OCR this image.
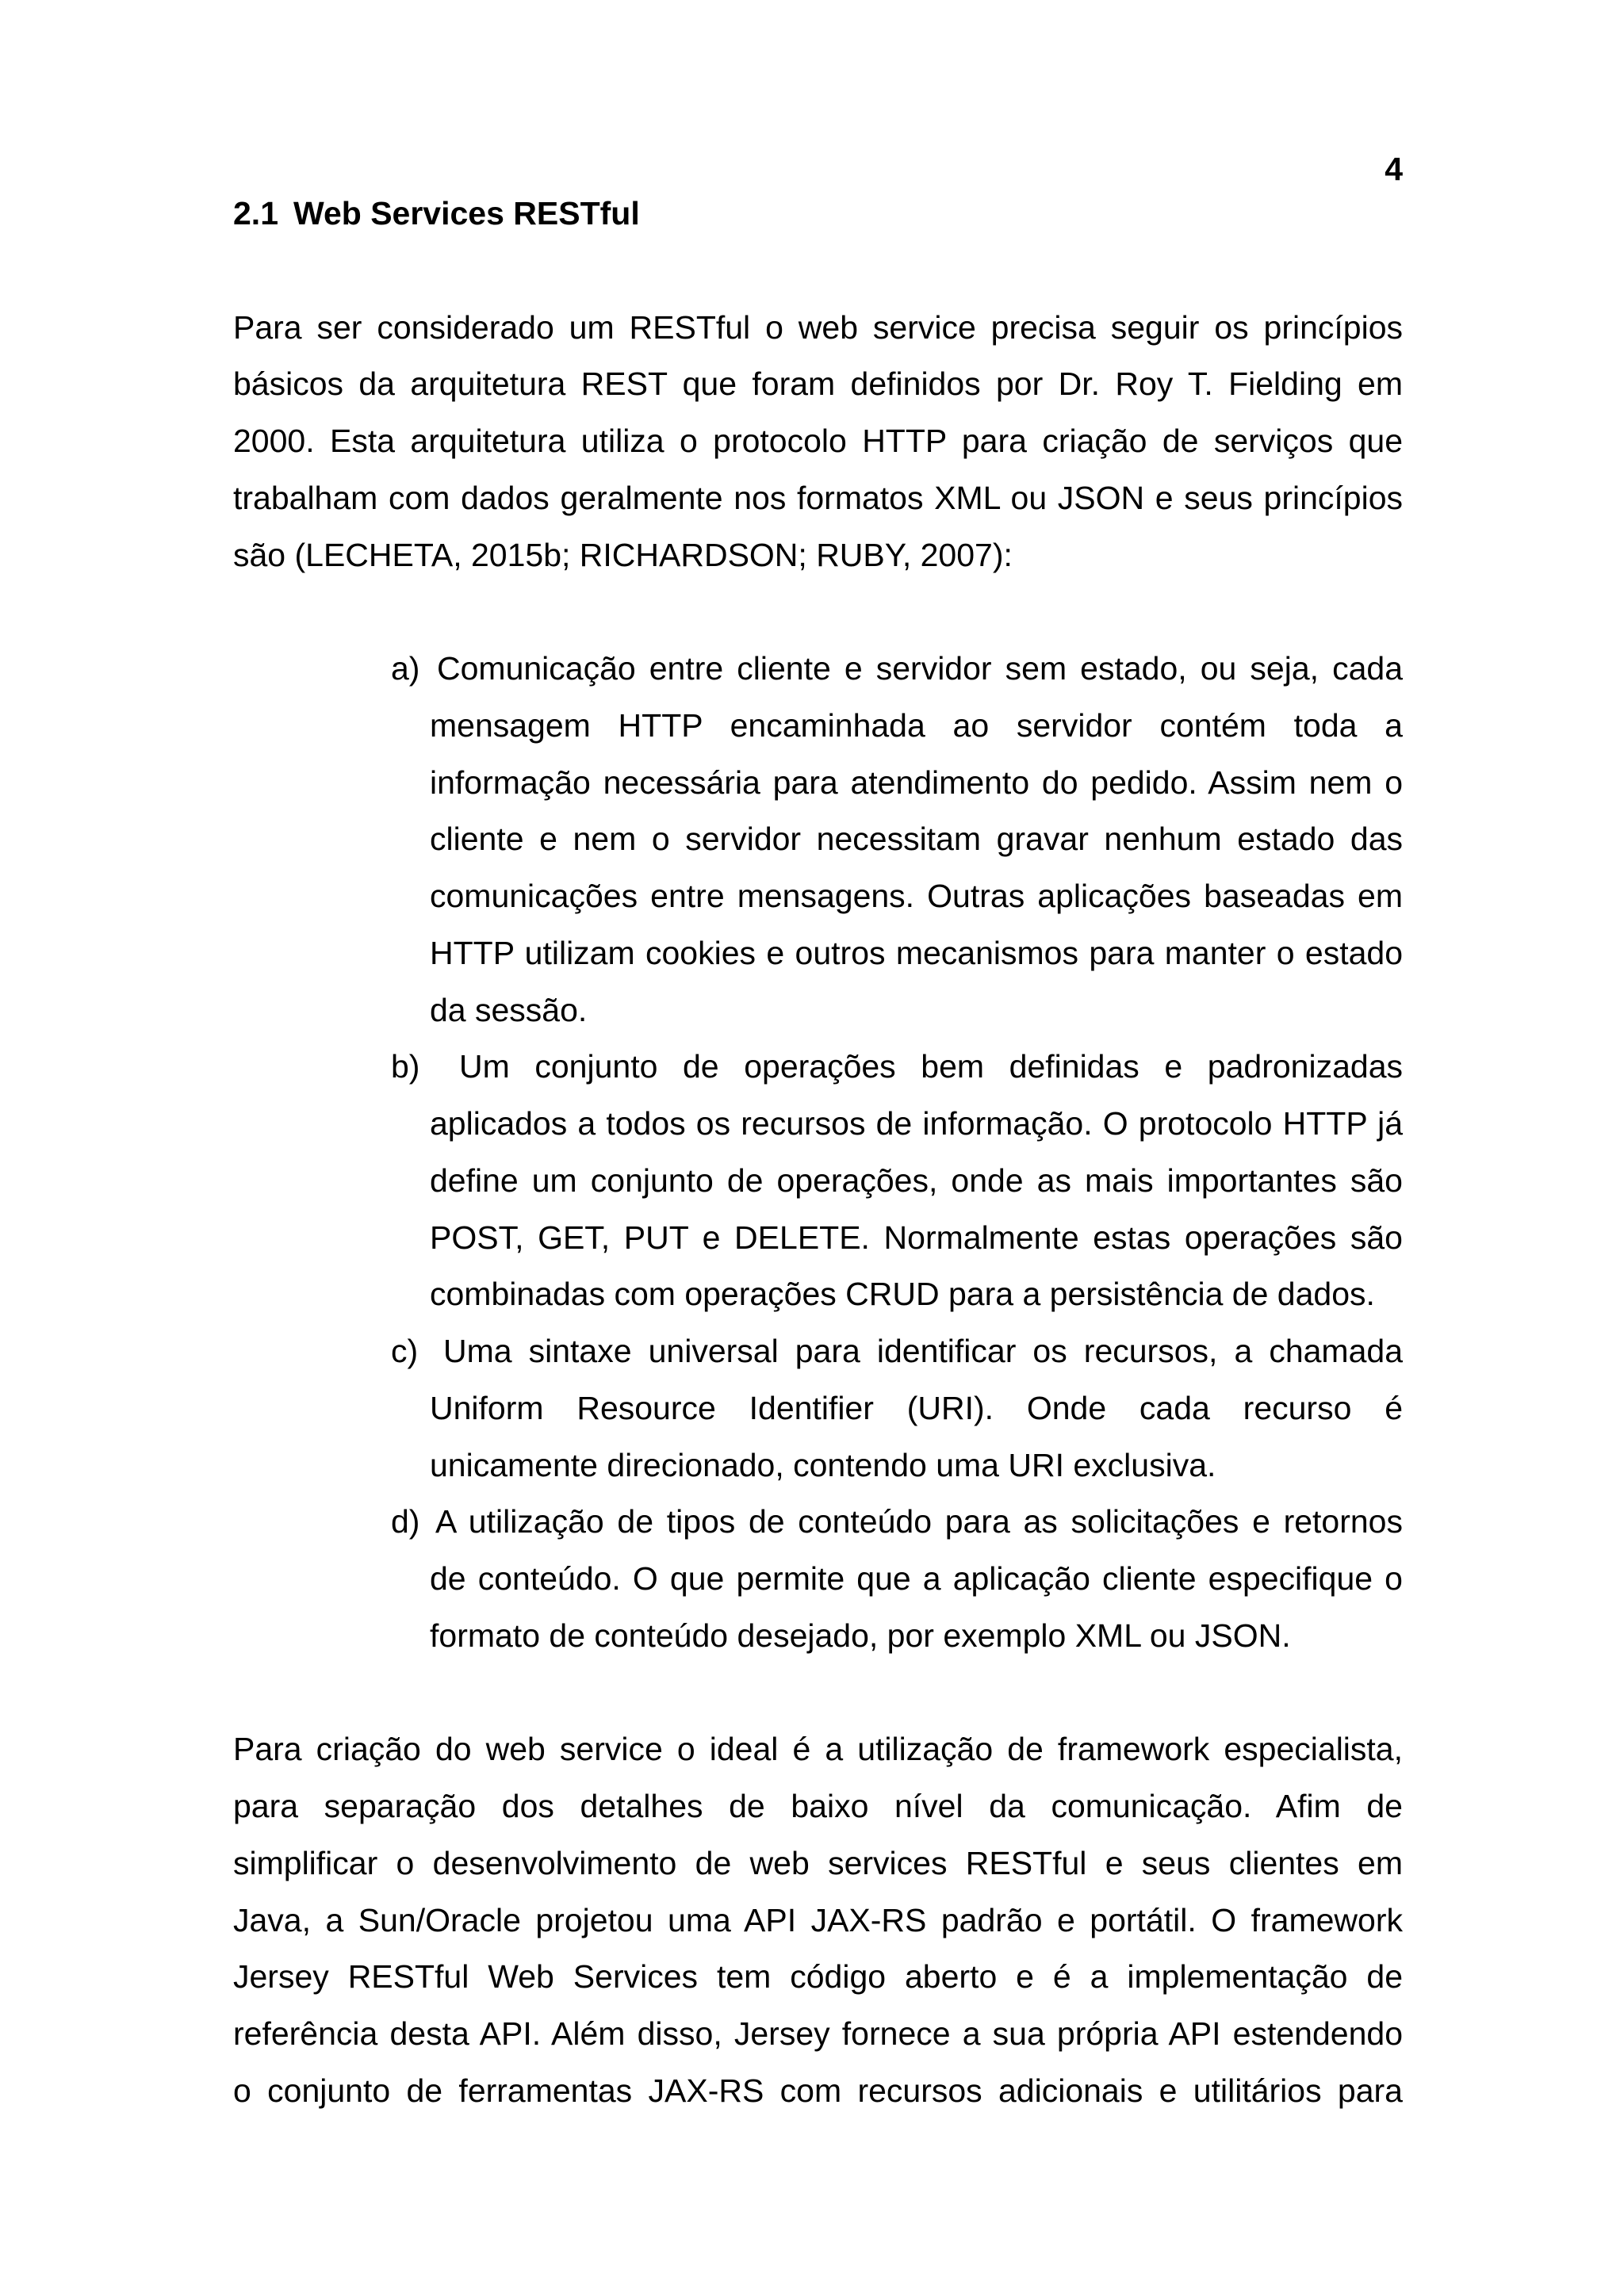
4
2.1 Web Services RESTful
Para ser considerado um RESTful o web service precisa seguir os princípios
básicos da arquitetura REST que foram definidos por Dr. Roy T. Fielding em
2000. Esta arquitetura utiliza o protocolo HTTP para criação de serviços que
trabalham com dados geralmente nos formatos XML ou JSON e seus princípios
são (LECHETA, 2015b; RICHARDSON; RUBY, 2007):
a) Comunicação entre cliente e servidor sem estado, ou seja, cada
mensagem HTTP encaminhada ao servidor contém toda a
informação necessária para atendimento do pedido. Assim nem o
cliente e nem o servidor necessitam gravar nenhum estado das
comunicações entre mensagens. Outras aplicações baseadas em
HTTP utilizam cookies e outros mecanismos para manter o estado
da sessão.
b) Um conjunto de operações bem definidas e padronizadas
aplicados a todos os recursos de informação. O protocolo HTTP já
define um conjunto de operações, onde as mais importantes são
POST, GET, PUT e DELETE. Normalmente estas operações são
combinadas com operações CRUD para a persistência de dados.
c) Uma sintaxe universal para identificar os recursos, a chamada
Uniform Resource Identifier (URI). Onde cada recurso é
unicamente direcionado, contendo uma URI exclusiva.
d) A utilização de tipos de conteúdo para as solicitações e retornos
de conteúdo. O que permite que a aplicação cliente especifique o
formato de conteúdo desejado, por exemplo XML ou JSON.
Para criação do web service o ideal é a utilização de framework especialista,
para separação dos detalhes de baixo nível da comunicação. Afim de
simplificar o desenvolvimento de web services RESTful e seus clientes em
Java, a Sun/Oracle projetou uma API JAX-RS padrão e portátil. O framework
Jersey RESTful Web Services tem código aberto e é a implementação de
referência desta API. Além disso, Jersey fornece a sua própria API estendendo
o conjunto de ferramentas JAX-RS com recursos adicionais e utilitários para
